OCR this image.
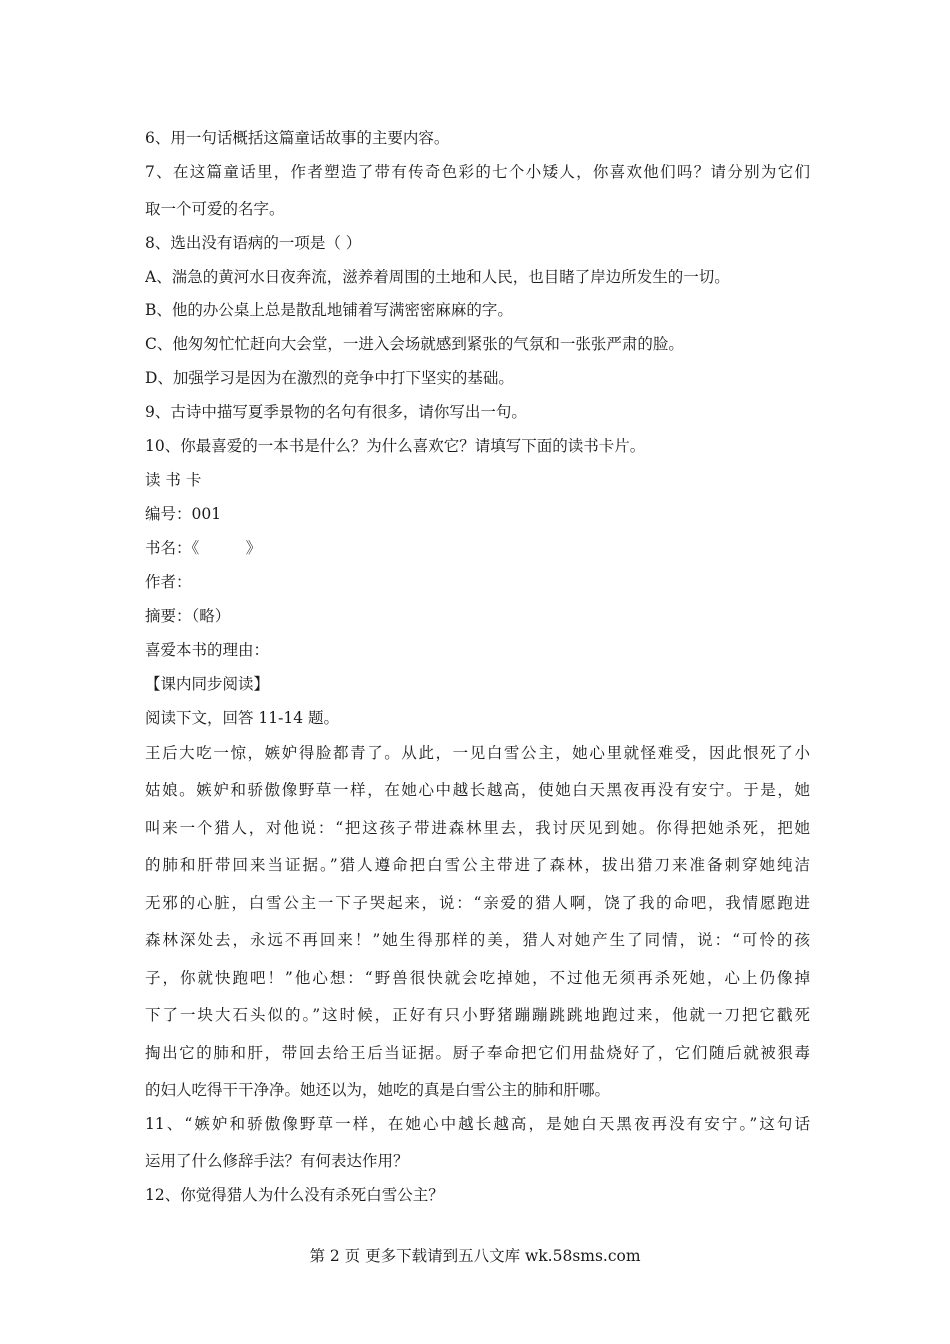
6、用一句话概括这篇童话故事的主要内容。
7、在这篇童话里，作者塑造了带有传奇色彩的七个小矮人，你喜欢他们吗？请分别为它们
取一个可爱的名字。
8、选出没有语病的一项是（ ）
A、湍急的黄河水日夜奔流，滋养着周围的土地和人民，也目睹了岸边所发生的一切。
B、他的办公桌上总是散乱地铺着写满密密麻麻的字。
C、他匆匆忙忙赶向大会堂，一进入会场就感到紧张的气氛和一张张严肃的脸。
D、加强学习是因为在激烈的竞争中打下坚实的基础。
9、古诗中描写夏季景物的名句有很多，请你写出一句。
10、你最喜爱的一本书是什么？为什么喜欢它？请填写下面的读书卡片。
读 书 卡
编号：001
书名：《　　　》
作者：
摘要：（略）
喜爱本书的理由：
【课内同步阅读】
阅读下文，回答 11-14 题。
王后大吃一惊，嫉妒得脸都青了。从此，一见白雪公主，她心里就怪难受，因此恨死了小
姑娘。嫉妒和骄傲像野草一样，在她心中越长越高，使她白天黑夜再没有安宁。于是，她
叫来一个猎人，对他说：“把这孩子带进森林里去，我讨厌见到她。你得把她杀死，把她
的肺和肝带回来当证据。”猎人遵命把白雪公主带进了森林，拔出猎刀来准备刺穿她纯洁
无邪的心脏，白雪公主一下子哭起来，说：“亲爱的猎人啊，饶了我的命吧，我情愿跑进
森林深处去，永远不再回来！”她生得那样的美，猎人对她产生了同情，说：“可怜的孩
子，你就快跑吧！”他心想：“野兽很快就会吃掉她，不过他无须再杀死她，心上仍像掉
下了一块大石头似的。”这时候，正好有只小野猪蹦蹦跳跳地跑过来，他就一刀把它戳死
掏出它的肺和肝，带回去给王后当证据。厨子奉命把它们用盐烧好了，它们随后就被狠毒
的妇人吃得干干净净。她还以为，她吃的真是白雪公主的肺和肝哪。
11、“嫉妒和骄傲像野草一样，在她心中越长越高，是她白天黑夜再没有安宁。”这句话
运用了什么修辞手法？有何表达作用？
12、你觉得猎人为什么没有杀死白雪公主？
第 2 页 更多下载请到五八文库 wk.58sms.com
